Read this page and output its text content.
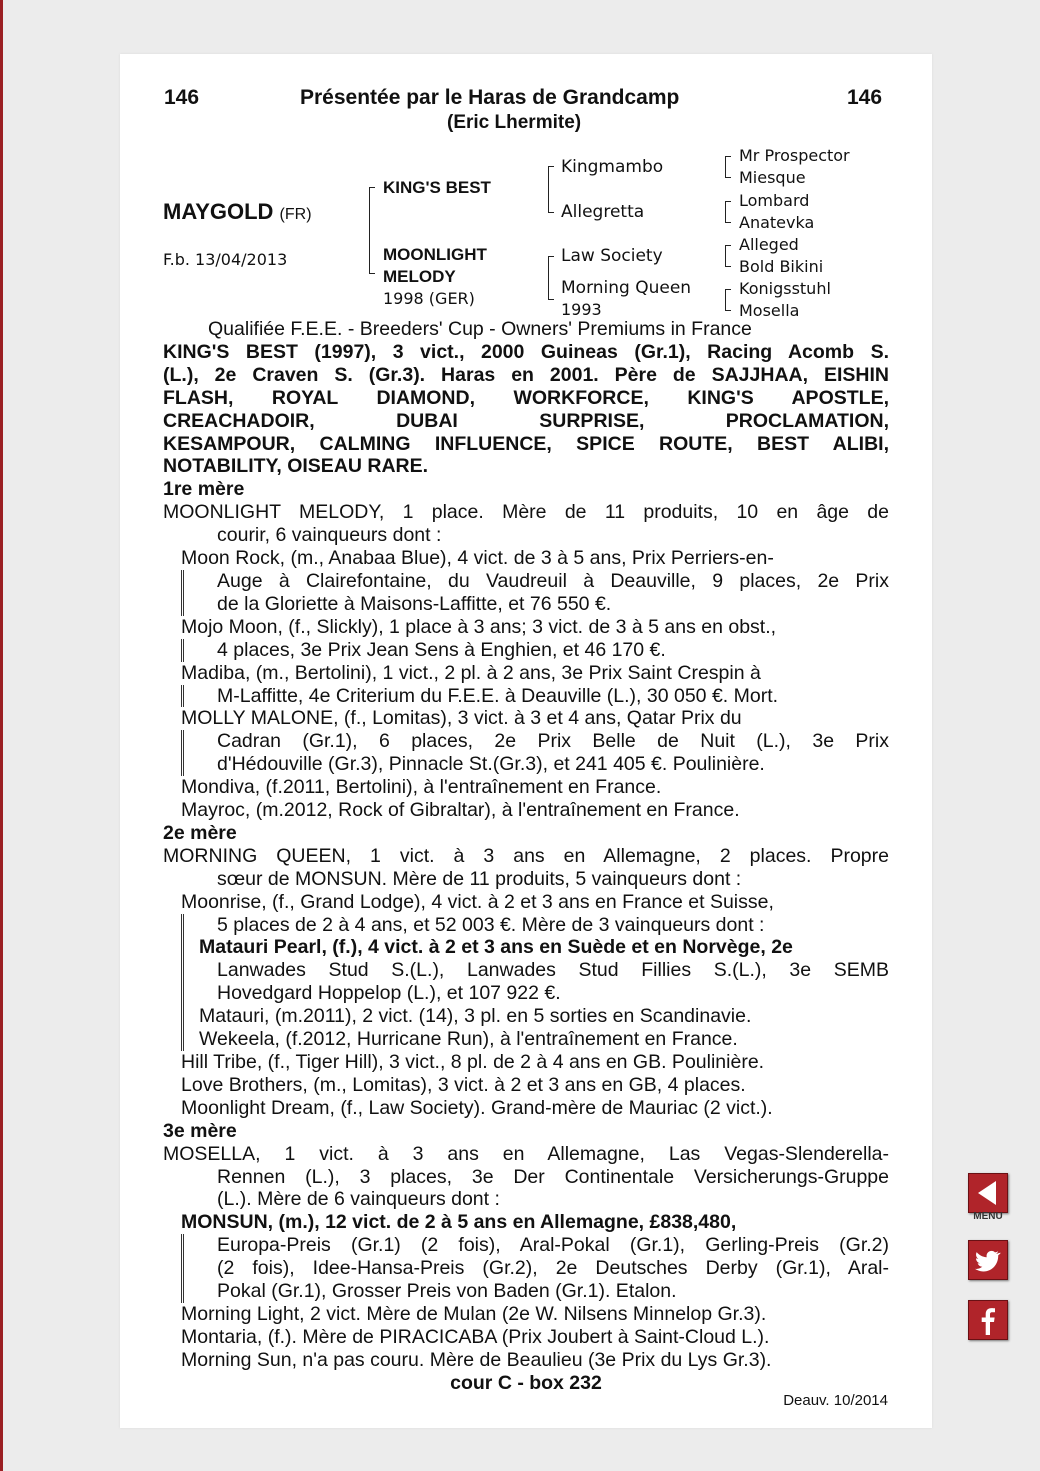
146	Présentée par le Haras de Grandcamp	146
(Eric Lhermite)
MAYGOLD (FR)
F.b. 13/04/2013
KING'S BEST
MOONLIGHT
MELODY
1998 (GER)
Kingmambo
Allegretta
Law Society
Morning Queen
1993
Mr Prospector
Miesque
Lombard
Anatevka
Alleged
Bold Bikini
Konigsstuhl
Mosella
Qualifiée F.E.E. - Breeders' Cup - Owners' Premiums in France
KING'S BEST (1997), 3 vict., 2000 Guineas (Gr.1), Racing Acomb S.
(L.), 2e Craven S. (Gr.3). Haras en 2001. Père de SAJJHAA, EISHIN
FLASH, ROYAL DIAMOND, WORKFORCE, KING'S APOSTLE,
CREACHADOIR, DUBAI SURPRISE, PROCLAMATION,
KESAMPOUR, CALMING INFLUENCE, SPICE ROUTE, BEST ALIBI,
NOTABILITY, OISEAU RARE.
1re mère
MOONLIGHT MELODY, 1 place. Mère de 11 produits, 10 en âge de
courir, 6 vainqueurs dont :
Moon Rock, (m., Anabaa Blue), 4 vict. de 3 à 5 ans, Prix Perriers-en-
Auge à Clairefontaine, du Vaudreuil à Deauville, 9 places, 2e Prix
de la Gloriette à Maisons-Laffitte, et 76 550 €.
Mojo Moon, (f., Slickly), 1 place à 3 ans; 3 vict. de 3 à 5 ans en obst.,
4 places, 3e Prix Jean Sens à Enghien, et 46 170 €.
Madiba, (m., Bertolini), 1 vict., 2 pl. à 2 ans, 3e Prix Saint Crespin à
M-Laffitte, 4e Criterium du F.E.E. à Deauville (L.), 30 050 €. Mort.
MOLLY MALONE, (f., Lomitas), 3 vict. à 3 et 4 ans, Qatar Prix du
Cadran (Gr.1), 6 places, 2e Prix Belle de Nuit (L.), 3e Prix
d'Hédouville (Gr.3), Pinnacle St.(Gr.3), et 241 405 €. Poulinière.
Mondiva, (f.2011, Bertolini), à l'entraînement en France.
Mayroc, (m.2012, Rock of Gibraltar), à l'entraînement en France.
2e mère
MORNING QUEEN, 1 vict. à 3 ans en Allemagne, 2 places. Propre
sœur de MONSUN. Mère de 11 produits, 5 vainqueurs dont :
Moonrise, (f., Grand Lodge), 4 vict. à 2 et 3 ans en France et Suisse,
5 places de 2 à 4 ans, et 52 003 €. Mère de 3 vainqueurs dont :
Matauri Pearl, (f.), 4 vict. à 2 et 3 ans en Suède et en Norvège, 2e
Lanwades Stud S.(L.), Lanwades Stud Fillies S.(L.), 3e SEMB
Hovedgard Hoppelop (L.), et 107 922 €.
Matauri, (m.2011), 2 vict. (14), 3 pl. en 5 sorties en Scandinavie.
Wekeela, (f.2012, Hurricane Run), à l'entraînement en France.
Hill Tribe, (f., Tiger Hill), 3 vict., 8 pl. de 2 à 4 ans en GB. Poulinière.
Love Brothers, (m., Lomitas), 3 vict. à 2 et 3 ans en GB, 4 places.
Moonlight Dream, (f., Law Society). Grand-mère de Mauriac (2 vict.).
3e mère
MOSELLA, 1 vict. à 3 ans en Allemagne, Las Vegas-Slenderella-
Rennen (L.), 3 places, 3e Der Continentale Versicherungs-Gruppe
(L.). Mère de 6 vainqueurs dont :
MONSUN, (m.), 12 vict. de 2 à 5 ans en Allemagne, £838,480,
Europa-Preis (Gr.1) (2 fois), Aral-Pokal (Gr.1), Gerling-Preis (Gr.2)
(2 fois), Idee-Hansa-Preis (Gr.2), 2e Deutsches Derby (Gr.1), Aral-
Pokal (Gr.1), Grosser Preis von Baden (Gr.1). Etalon.
Morning Light, 2 vict. Mère de Mulan (2e W. Nilsens Minnelop Gr.3).
Montaria, (f.). Mère de PIRACICABA (Prix Joubert à Saint-Cloud L.).
Morning Sun, n'a pas couru. Mère de Beaulieu (3e Prix du Lys Gr.3).
cour C - box 232
Deauv. 10/2014
MENU
